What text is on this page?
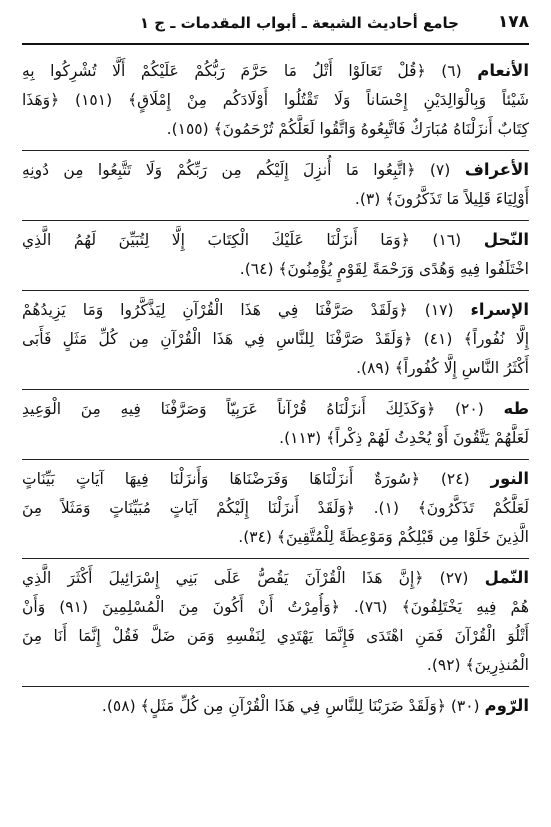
١٧٨
جامع أحاديث الشيعة ـ أبواب المقدمات ـ ج ١
الأنعام (٦) ﴿قُلْ تَعَالَوْا أَتْلُ مَا حَرَّمَ رَبُّكُمْ عَلَيْكُمْ أَلَّا تُشْرِكُوا بِهِ
شَيْئاً وَبِالْوَالِدَيْنِ إِحْسَاناً وَلَا تَقْتُلُوا أَوْلَادَكُم مِنْ إِمْلَاقٍ﴾ (١٥١) ﴿وَهَذَا
كِتَابٌ أَنزَلْنَاهُ مُبَارَكٌ فَاتَّبِعُوهُ وَاتَّقُوا لَعَلَّكُمْ تُرْحَمُونَ﴾ (١٥٥).
الأعراف (٧) ﴿اتَّبِعُوا مَا أُنزِلَ إِلَيْكُم مِن رَبِّكُمْ وَلَا تَتَّبِعُوا مِن دُونِهِ
أَوْلِيَاءَ قَلِيلاً مَا تَذَكَّرُونَ﴾ (٣).
النّحل (١٦) ﴿وَمَا أَنزَلْنَا عَلَيْكَ الْكِتَابَ إِلَّا لِتُبَيِّنَ لَهُمُ الَّذِي
اخْتَلَفُوا فِيهِ وَهُدًى وَرَحْمَةً لِقَوْمٍ يُؤْمِنُونَ﴾ (٦٤).
الإسراء (١٧) ﴿وَلَقَدْ صَرَّفْنَا فِي هَذَا الْقُرْآنِ لِيَذَّكَّرُوا وَمَا يَزِيدُهُمْ
إِلَّا نُفُوراً﴾ (٤١) ﴿وَلَقَدْ صَرَّفْنَا لِلنَّاسِ فِي هَذَا الْقُرْآنِ مِن كُلِّ مَثَلٍ فَأَبَى
أَكْثَرُ النَّاسِ إِلَّا كُفُوراً﴾ (٨٩).
طه (٢٠) ﴿وَكَذَلِكَ أَنزَلْنَاهُ قُرْآناً عَرَبِيّاً وَصَرَّفْنَا فِيهِ مِنَ الْوَعِيدِ
لَعَلَّهُمْ يَتَّقُونَ أَوْ يُحْدِثُ لَهُمْ ذِكْراً﴾ (١١٣).
النور (٢٤) ﴿سُورَةٌ أَنزَلْنَاهَا وَفَرَضْنَاهَا وَأَنزَلْنَا فِيهَا آيَاتٍ بَيِّنَاتٍ
لَعَلَّكُمْ تَذَكَّرُونَ﴾ (١). ﴿وَلَقَدْ أَنزَلْنَا إِلَيْكُمْ آيَاتٍ مُبَيِّنَاتٍ وَمَثَلاً مِنَ
الَّذِينَ خَلَوْا مِن قَبْلِكُمْ وَمَوْعِظَةً لِلْمُتَّقِينَ﴾ (٣٤).
النّمل (٢٧) ﴿إِنَّ هَذَا الْقُرْآنَ يَقُصُّ عَلَى بَنِي إِسْرَائِيلَ أَكْثَرَ الَّذِي
هُمْ فِيهِ يَخْتَلِفُونَ﴾ (٧٦). ﴿وَأُمِرْتُ أَنْ أَكُونَ مِنَ الْمُسْلِمِينَ (٩١) وَأَنْ
أَتْلُوَ الْقُرْآنَ فَمَنِ اهْتَدَى فَإِنَّمَا يَهْتَدِي لِنَفْسِهِ وَمَن ضَلَّ فَقُلْ إِنَّمَا أَنَا مِنَ
الْمُنذِرِينَ﴾ (٩٢).
الرّوم (٣٠) ﴿وَلَقَدْ ضَرَبْنَا لِلنَّاسِ فِي هَذَا الْقُرْآنِ مِن كُلِّ مَثَلٍ﴾ (٥٨).
